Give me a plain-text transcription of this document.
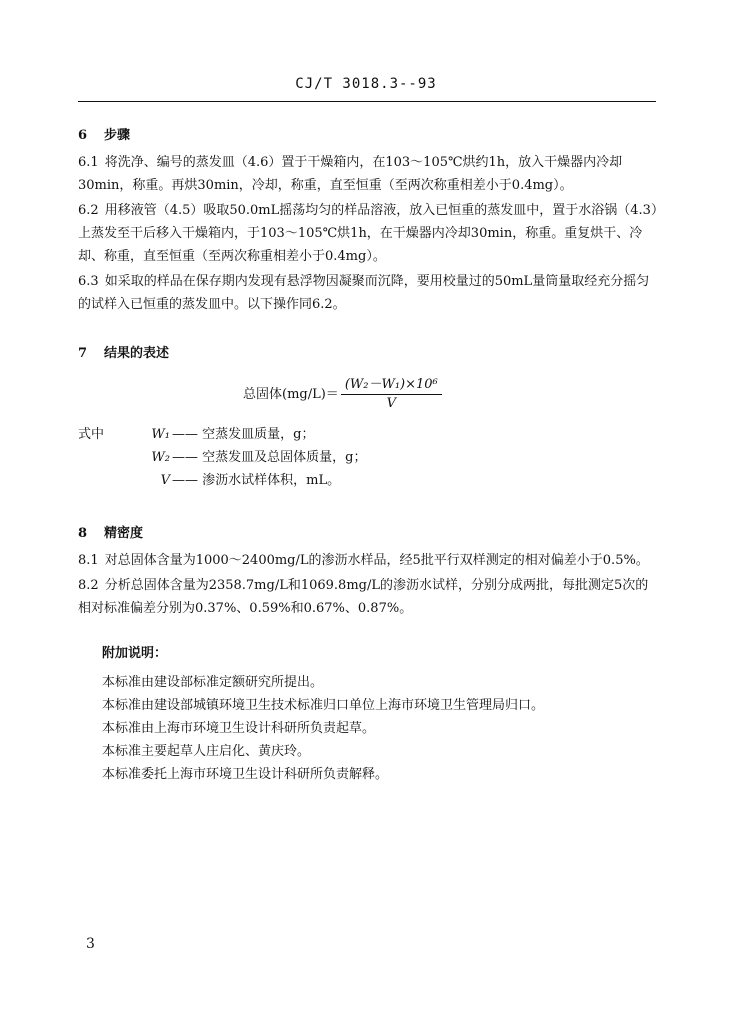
CJ/T 3018.3--93
6 步骤

6.1 将洗净、编号的蒸发皿（4.6）置于干燥箱内，在103～105℃烘约1h，放入干燥器内冷却30min，称重。再烘30min，冷却，称重，直至恒重（至两次称重相差小于0.4mg）。

6.2 用移液管（4.5）吸取50.0mL摇荡均匀的样品溶液，放入已恒重的蒸发皿中，置于水浴锅（4.3）上蒸发至干后移入干燥箱内，于103～105℃烘1h，在干燥器内冷却30min，称重。重复烘干、冷却、称重，直至恒重（至两次称重相差小于0.4mg）。

6.3 如采取的样品在保存期内发现有悬浮物因凝聚而沉降，要用校量过的50mL量筒量取经充分摇匀的试样入已恒重的蒸发皿中。以下操作同6.2。

7 结果的表述
总固体$(mg/L)= \frac{\text{(W₂－W₁)×10⁶}}{V}$
式中	W₁ —— 空蒸发皿质量，g；
W₂ —— 空蒸发皿及总固体质量，g；
V —— 渗沥水试样体积，mL。
8 精密度

8.1 对总固体含量为1000～2400mg/L的渗沥水样品，经5批平行双样测定的相对偏差小于0.5%。

8.2 分析总固体含量为2358.7mg/L和1069.8mg/L的渗沥水试样，分别分成两批，每批测定5次的相对标准偏差分别为0.37%、0.59%和0.67%、0.87%。

附加说明：

本标准由建设部标准定额研究所提出。

本标准由建设部城镇环境卫生技术标准归口单位上海市环境卫生管理局归口。

本标准由上海市环境卫生设计科研所负责起草。

本标准主要起草人庄启化、黄庆玲。

本标准委托上海市环境卫生设计科研所负责解释。

3
